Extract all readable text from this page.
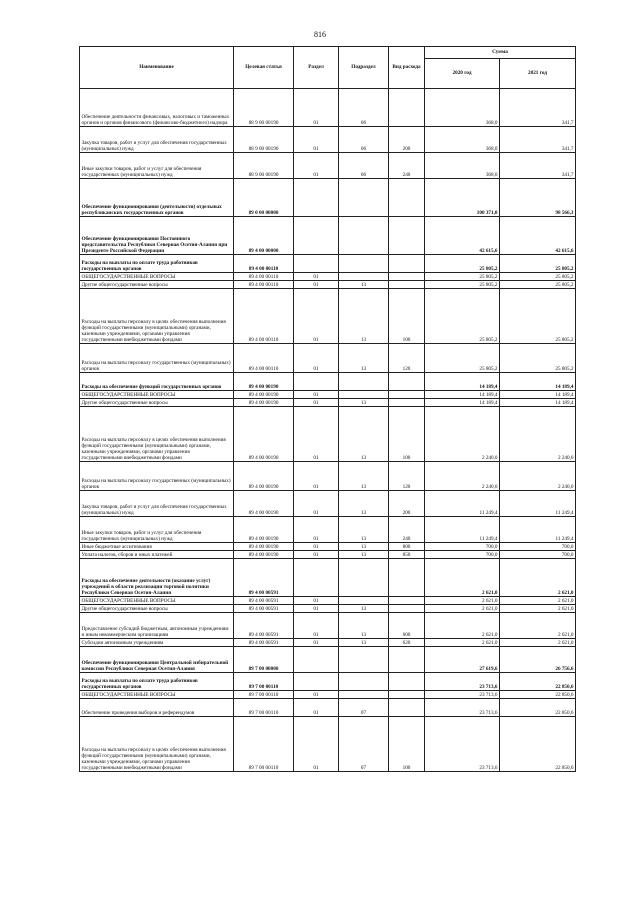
816
Наименование	Целевая статья	Раздел	Подраздел	Вид расхода	Сумма	
					2020 год	2021 год
Обеспечение деятельности финансовых, налоговых и таможенных органов и органов финансового (финансово-бюджетного) надзора	88 9 00 00190	01	06		368,0	341,7
Закупка товаров, работ и услуг для обеспечения государственных (муниципальных) нужд	88 9 00 00190	01	06	200	368,0	341,7
Иные закупки товаров, работ и услуг для обеспечения государственных (муниципальных) нужд	88 9 00 00190	01	06	240	368,0	341,7
Обеспечение функционирования (деятельности) отдельных республиканских государственных органов	89 0 00 00000				100 371,0	98 566,3
Обеспечение функционирования Постоянного представительства Республики Северная Осетия-Алания при Президенте Российской Федерации	89 4 00 00000				42 615,6	42 615,6
Расходы на выплаты по оплате труда работников государственных органов	89 4 00 00110				25 805,2	25 805,2
ОБЩЕГОСУДАРСТВЕННЫЕ ВОПРОСЫ	89 4 00 00110	01			25 805,2	25 805,2
Другие общегосударственные вопросы	89 4 00 00110	01	13		25 805,2	25 805,2
Расходы на выплаты персоналу в целях обеспечения выполнения функций государственными (муниципальными) органами, казенными учреждениями, органами управления государственными внебюджетными фондами	89 4 00 00110	01	13	100	25 805,2	25 805,2
Расходы на выплаты персоналу государственных (муниципальных) органов	89 4 00 00110	01	13	120	25 805,2	25 805,2
Расходы на обеспечение функций государственных органов	89 4 00 00190				14 189,4	14 189,4
ОБЩЕГОСУДАРСТВЕННЫЕ ВОПРОСЫ	89 4 00 00190	01			14 189,4	14 189,4
Другие общегосударственные вопросы	89 4 00 00190	01	13		14 189,4	14 189,4
Расходы на выплаты персоналу в целях обеспечения выполнения функций государственными (муниципальными) органами, казенными учреждениями, органами управления государственными внебюджетными фондами	89 4 00 00190	01	13	100	2 240,0	2 240,0
Расходы на выплаты персоналу государственных (муниципальных) органов	89 4 00 00190	01	13	120	2 240,0	2 240,0
Закупка товаров, работ и услуг для обеспечения государственных (муниципальных) нужд	89 4 00 00190	01	13	200	11 249,4	11 249,4
Иные закупки товаров, работ и услуг для обеспечения государственных (муниципальных) нужд	89 4 00 00190	01	13	240	11 249,4	11 249,4
Иные бюджетные ассигнования	89 4 00 00190	01	13	800	700,0	700,0
Уплата налогов, сборов и иных платежей	89 4 00 00190	01	13	850	700,0	700,0
Расходы на обеспечение деятельности (оказание услуг) учреждений в области реализации торговой политики Республики Северная Осетия-Алания	89 4 00 00591				2 621,0	2 621,0
ОБЩЕГОСУДАРСТВЕННЫЕ ВОПРОСЫ	89 4 00 00591	01			2 621,0	2 621,0
Другие общегосударственные вопросы	89 4 00 00591	01	13		2 621,0	2 621,0
Предоставление субсидий бюджетным, автономным учреждениям и иным некоммерческим организациям	89 4 00 00591	01	13	600	2 621,0	2 621,0
Субсидии автономным учреждениям	89 4 00 00591	01	13	620	2 621,0	2 621,0
Обеспечение функционирования Центральной избирательной комиссии Республики Северная Осетия-Алания	89 7 00 00000				27 619,6	26 756,6
Расходы на выплаты по оплате труда работников государственных органов	89 7 00 00110				23 713,6	22 850,6
ОБЩЕГОСУДАРСТВЕННЫЕ ВОПРОСЫ	89 7 00 00110	01			23 713,6	22 850,6
Обеспечение проведения выборов и референдумов	89 7 00 00110	01	07		23 713,6	22 850,6
Расходы на выплаты персоналу в целях обеспечения выполнения функций государственными (муниципальными) органами, казенными учреждениями, органами управления государственными внебюджетными фондами	89 7 00 00110	01	07	100	23 713,6	22 850,6
